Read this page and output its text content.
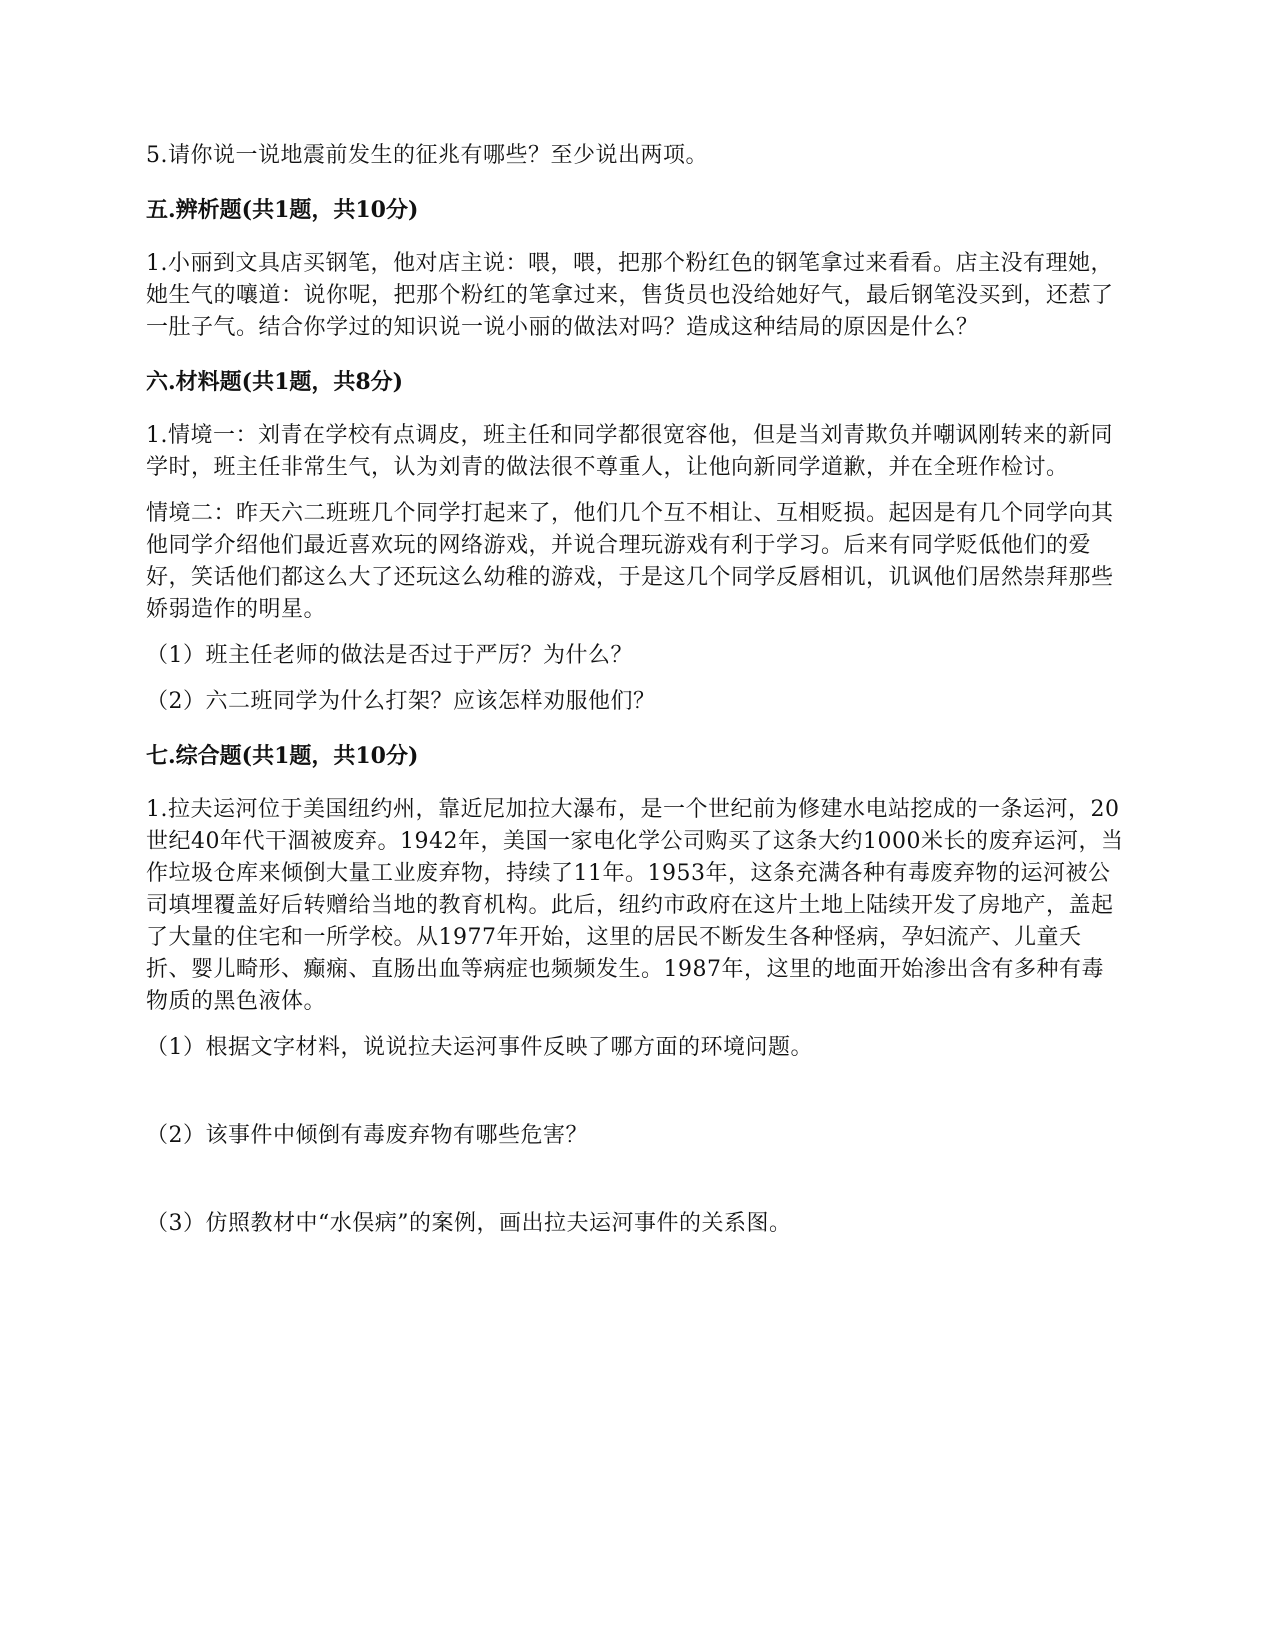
5.请你说一说地震前发生的征兆有哪些？至少说出两项。

五.辨析题(共1题，共10分)

1.小丽到文具店买钢笔，他对店主说：喂，喂，把那个粉红色的钢笔拿过来看看。店主没有理她，她生气的嚷道：说你呢，把那个粉红的笔拿过来，售货员也没给她好气，最后钢笔没买到，还惹了一肚子气。结合你学过的知识说一说小丽的做法对吗？造成这种结局的原因是什么？

六.材料题(共1题，共8分)

1.情境一：刘青在学校有点调皮，班主任和同学都很宽容他，但是当刘青欺负并嘲讽刚转来的新同学时，班主任非常生气，认为刘青的做法很不尊重人，让他向新同学道歉，并在全班作检讨。

情境二：昨天六二班班几个同学打起来了，他们几个互不相让、互相贬损。起因是有几个同学向其他同学介绍他们最近喜欢玩的网络游戏，并说合理玩游戏有利于学习。后来有同学贬低他们的爱好，笑话他们都这么大了还玩这么幼稚的游戏，于是这几个同学反唇相讥，讥讽他们居然崇拜那些娇弱造作的明星。

（1）班主任老师的做法是否过于严厉？为什么？

（2）六二班同学为什么打架？应该怎样劝服他们？

七.综合题(共1题，共10分)

1.拉夫运河位于美国纽约州，靠近尼加拉大瀑布，是一个世纪前为修建水电站挖成的一条运河，20世纪40年代干涸被废弃。1942年，美国一家电化学公司购买了这条大约1000米长的废弃运河，当作垃圾仓库来倾倒大量工业废弃物，持续了11年。1953年，这条充满各种有毒废弃物的运河被公司填埋覆盖好后转赠给当地的教育机构。此后，纽约市政府在这片土地上陆续开发了房地产，盖起了大量的住宅和一所学校。从1977年开始，这里的居民不断发生各种怪病，孕妇流产、儿童夭折、婴儿畸形、癫痫、直肠出血等病症也频频发生。1987年，这里的地面开始渗出含有多种有毒物质的黑色液体。

（1）根据文字材料，说说拉夫运河事件反映了哪方面的环境问题。

（2）该事件中倾倒有毒废弃物有哪些危害？

（3）仿照教材中“水俣病”的案例，画出拉夫运河事件的关系图。
